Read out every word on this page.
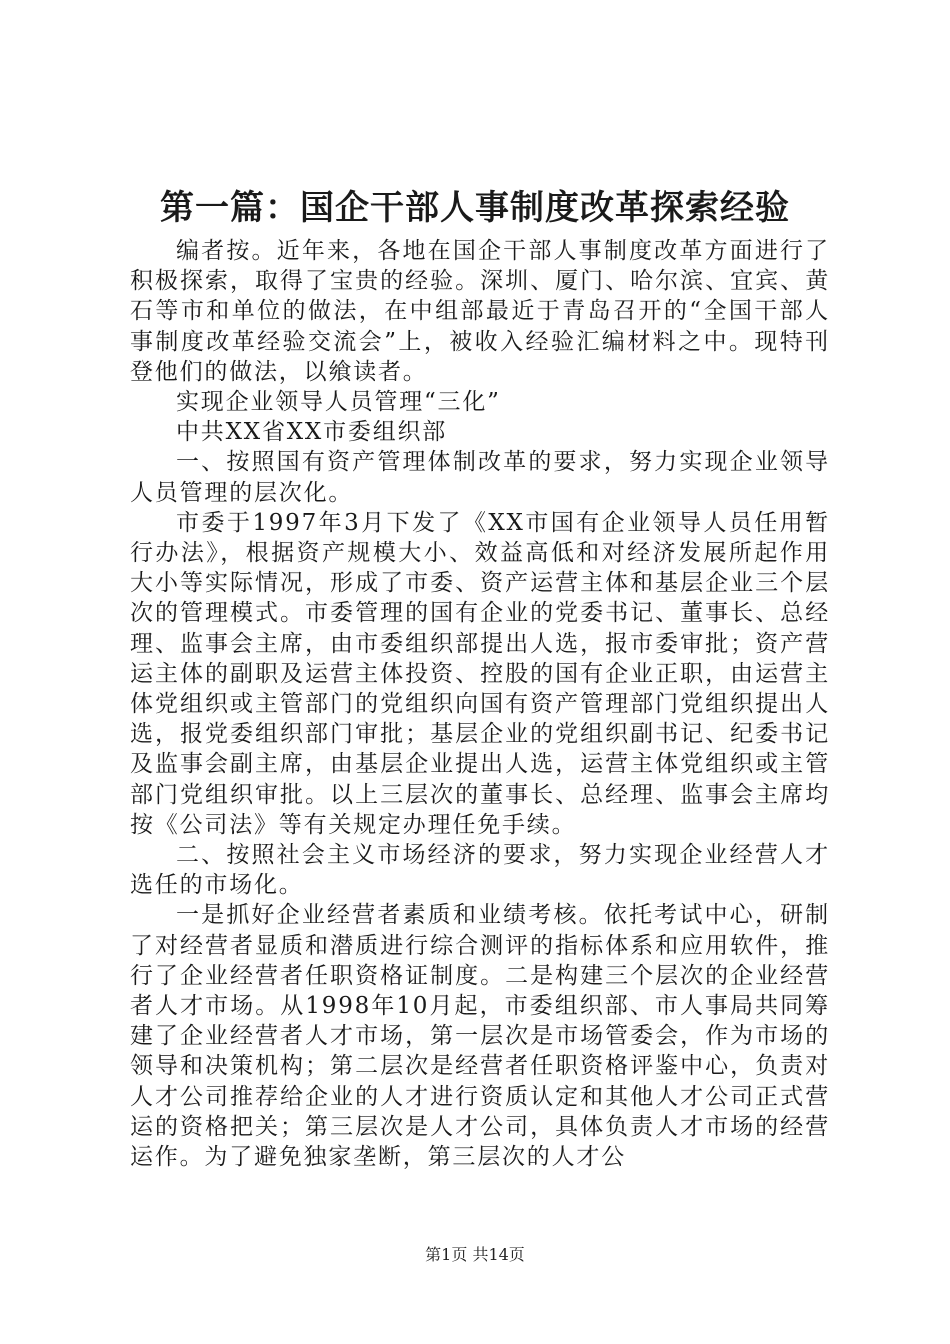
第一篇：国企干部人事制度改革探索经验

编者按。近年来，各地在国企干部人事制度改革方面进行了积极探索，取得了宝贵的经验。深圳、厦门、哈尔滨、宜宾、黄石等市和单位的做法，在中组部最近于青岛召开的“全国干部人事制度改革经验交流会”上，被收入经验汇编材料之中。现特刊登他们的做法，以飨读者。

实现企业领导人员管理“三化”

中共XX省XX市委组织部

一、按照国有资产管理体制改革的要求，努力实现企业领导人员管理的层次化。

市委于1997年3月下发了《XX市国有企业领导人员任用暂行办法》，根据资产规模大小、效益高低和对经济发展所起作用大小等实际情况，形成了市委、资产运营主体和基层企业三个层次的管理模式。市委管理的国有企业的党委书记、董事长、总经理、监事会主席，由市委组织部提出人选，报市委审批；资产营运主体的副职及运营主体投资、控股的国有企业正职，由运营主体党组织或主管部门的党组织向国有资产管理部门党组织提出人选，报党委组织部门审批；基层企业的党组织副书记、纪委书记及监事会副主席，由基层企业提出人选，运营主体党组织或主管部门党组织审批。以上三层次的董事长、总经理、监事会主席均按《公司法》等有关规定办理任免手续。

二、按照社会主义市场经济的要求，努力实现企业经营人才选任的市场化。

一是抓好企业经营者素质和业绩考核。依托考试中心，研制了对经营者显质和潜质进行综合测评的指标体系和应用软件，推行了企业经营者任职资格证制度。二是构建三个层次的企业经营者人才市场。从1998年10月起，市委组织部、市人事局共同筹建了企业经营者人才市场，第一层次是市场管委会，作为市场的领导和决策机构；第二层次是经营者任职资格评鉴中心，负责对人才公司推荐给企业的人才进行资质认定和其他人才公司正式营运的资格把关；第三层次是人才公司，具体负责人才市场的经营运作。为了避免独家垄断，第三层次的人才公

第1页 共14页
